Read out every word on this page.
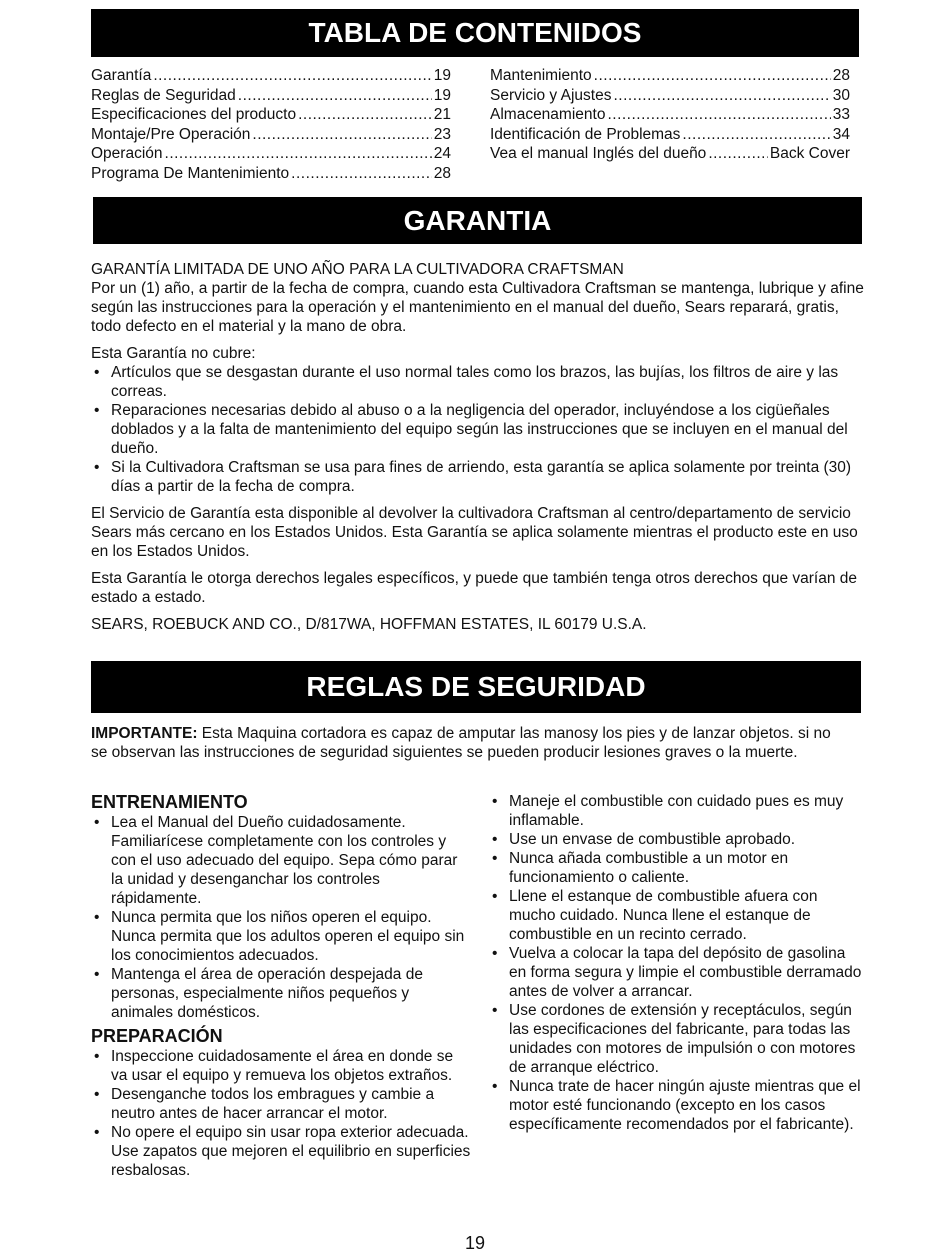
TABLA DE CONTENIDOS
Garantía .....	19
Reglas de Seguridad .....	19
Especificaciones del producto .....	21
Montaje/Pre Operación .....	23
Operación .....	24
Programa De Mantenimiento .....	28
Mantenimiento .....	28
Servicio y Ajustes .....	30
Almacenamiento .....	33
Identificación de Problemas .....	34
Vea el manual Inglés del dueño .....	Back Cover
GARANTIA

GARANTÍA LIMITADA DE UNO AÑO PARA LA CULTIVADORA CRAFTSMAN

Por un (1) año, a partir de la fecha de compra, cuando esta Cultivadora Craftsman se mantenga, lubrique y afine según las instrucciones para la operación y el mantenimiento en el manual del dueño, Sears reparará, gratis, todo defecto en el material y la mano de obra.

Esta Garantía no cubre:

• Artículos que se desgastan durante el uso normal tales como los brazos, las bujías, los filtros de aire y las correas.
• Reparaciones necesarias debido al abuso o a la negligencia del operador, incluyéndose a los cigüeñales doblados y a la falta de mantenimiento del equipo según las instrucciones que se incluyen en el manual del dueño.
• Si la Cultivadora Craftsman se usa para fines de arriendo, esta garantía se aplica solamente por treinta (30) días a partir de la fecha de compra.

El Servicio de Garantía esta disponible al devolver la cultivadora Craftsman al centro/departamento de servicio Sears más cercano en los Estados Unidos. Esta Garantía se aplica solamente mientras el producto este en uso en los Estados Unidos.

Esta Garantía le otorga derechos legales específicos, y puede que también tenga otros derechos que varían de estado a estado.

SEARS, ROEBUCK AND CO., D/817WA, HOFFMAN ESTATES, IL 60179 U.S.A.

REGLAS DE SEGURIDAD

IMPORTANTE: Esta Maquina cortadora es capaz de amputar las manosy los pies y de lanzar objetos. si no se observan las instrucciones de seguridad siguientes se pueden producir lesiones graves o la muerte.

ENTRENAMIENTO
• Lea el Manual del Dueño cuidadosamente. Familiarícese completamente con los controles y con el uso adecuado del equipo. Sepa cómo parar la unidad y desenganchar los controles rápidamente.
• Nunca permita que los niños operen el equipo. Nunca permita que los adultos operen el equipo sin los conocimientos adecuados.
• Mantenga el área de operación despejada de personas, especialmente niños pequeños y animales domésticos.
PREPARACIÓN
• Inspeccione cuidadosamente el área en donde se va usar el equipo y remueva los objetos extraños.
• Desenganche todos los embragues y cambie a neutro antes de hacer arrancar el motor.
• No opere el equipo sin usar ropa exterior adecuada. Use zapatos que mejoren el equilibrio en superficies resbalosas.
• Maneje el combustible con cuidado pues es muy inflamable.
• Use un envase de combustible aprobado.
• Nunca añada combustible a un motor en funcionamiento o caliente.
• Llene el estanque de combustible afuera con mucho cuidado. Nunca llene el estanque de combustible en un recinto cerrado.
• Vuelva a colocar la tapa del depósito de gasolina en forma segura y limpie el combustible derramado antes de volver a arrancar.
• Use cordones de extensión y receptáculos, según las especificaciones del fabricante, para todas las unidades con motores de impulsión o con motores de arranque eléctrico.
• Nunca trate de hacer ningún ajuste mientras que el motor esté funcionando (excepto en los casos específicamente recomendados por el fabricante).
19
